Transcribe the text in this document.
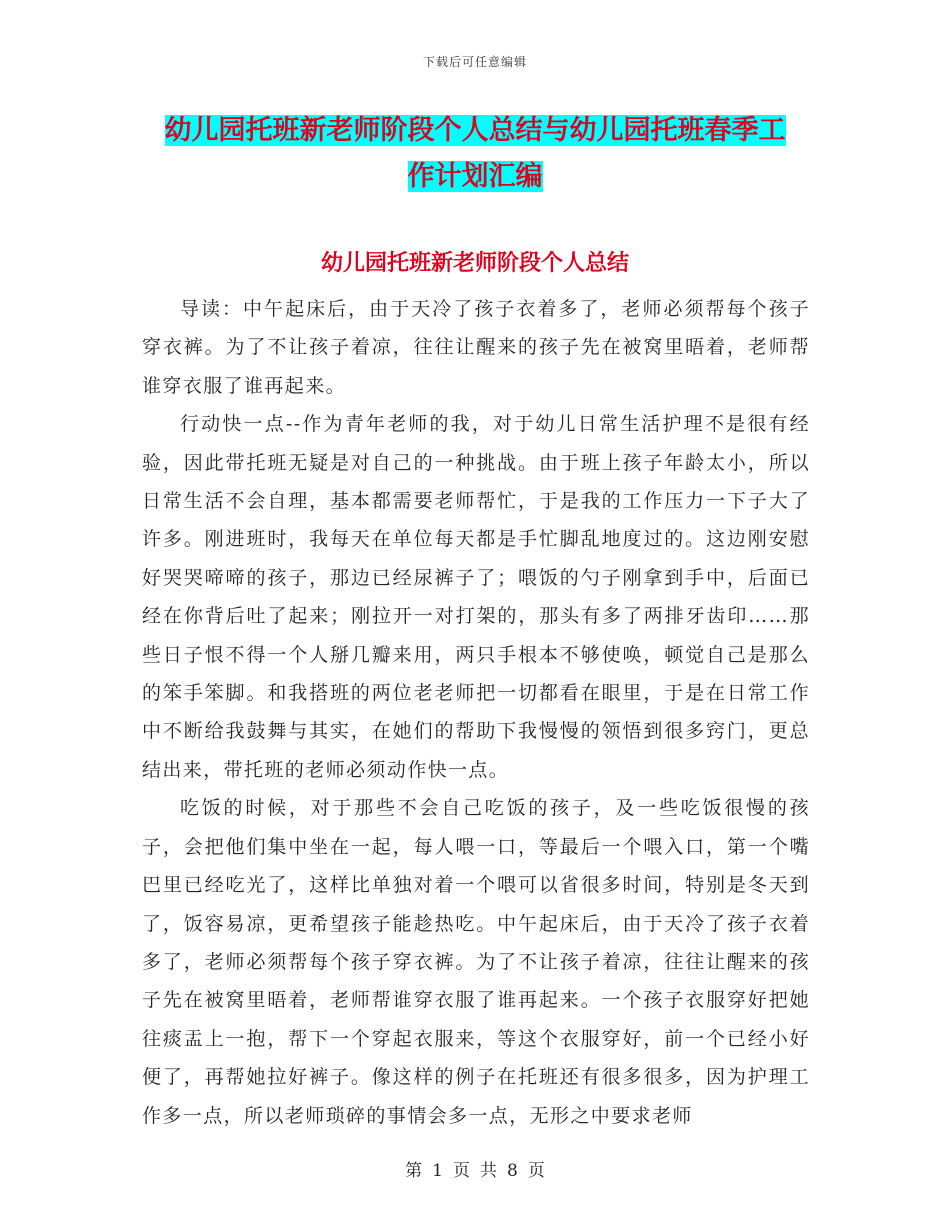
下载后可任意编辑
幼儿园托班新老师阶段个人总结与幼儿园托班春季工
作计划汇编
幼儿园托班新老师阶段个人总结

导读：中午起床后，由于天冷了孩子衣着多了，老师必须帮每个孩子穿衣裤。为了不让孩子着凉，往往让醒来的孩子先在被窝里晤着，老师帮谁穿衣服了谁再起来。

行动快一点--作为青年老师的我，对于幼儿日常生活护理不是很有经验，因此带托班无疑是对自己的一种挑战。由于班上孩子年龄太小，所以日常生活不会自理，基本都需要老师帮忙，于是我的工作压力一下子大了许多。刚进班时，我每天在单位每天都是手忙脚乱地度过的。这边刚安慰好哭哭啼啼的孩子，那边已经尿裤子了；喂饭的勺子刚拿到手中，后面已经在你背后吐了起来；刚拉开一对打架的，那头有多了两排牙齿印……那些日子恨不得一个人掰几瓣来用，两只手根本不够使唤，顿觉自己是那么的笨手笨脚。和我搭班的两位老老师把一切都看在眼里，于是在日常工作中不断给我鼓舞与其实，在她们的帮助下我慢慢的领悟到很多窍门，更总结出来，带托班的老师必须动作快一点。

吃饭的时候，对于那些不会自己吃饭的孩子，及一些吃饭很慢的孩子，会把他们集中坐在一起，每人喂一口，等最后一个喂入口，第一个嘴巴里已经吃光了，这样比单独对着一个喂可以省很多时间，特别是冬天到了，饭容易凉，更希望孩子能趁热吃。中午起床后，由于天冷了孩子衣着多了，老师必须帮每个孩子穿衣裤。为了不让孩子着凉，往往让醒来的孩子先在被窝里晤着，老师帮谁穿衣服了谁再起来。一个孩子衣服穿好把她往痰盂上一抱，帮下一个穿起衣服来，等这个衣服穿好，前一个已经小好便了，再帮她拉好裤子。像这样的例子在托班还有很多很多，因为护理工作多一点，所以老师琐碎的事情会多一点，无形之中要求老师

第 1 页 共 8 页
